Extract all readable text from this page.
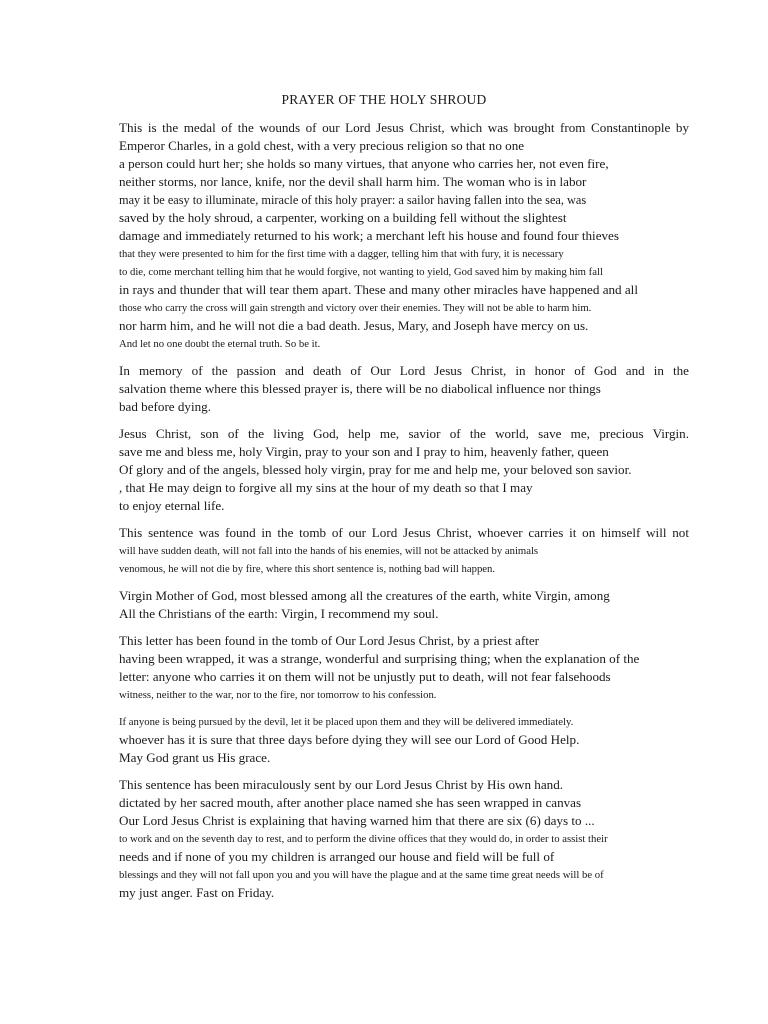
PRAYER OF THE HOLY SHROUD
This is the medal of the wounds of our Lord Jesus Christ, which was brought from Constantinople by
Emperor Charles, in a gold chest, with a very precious religion so that no one
a person could hurt her; she holds so many virtues, that anyone who carries her, not even fire,
neither storms, nor lance, knife, nor the devil shall harm him. The woman who is in labor
may it be easy to illuminate, miracle of this holy prayer: a sailor having fallen into the sea, was
saved by the holy shroud, a carpenter, working on a building fell without the slightest
damage and immediately returned to his work; a merchant left his house and found four thieves
that they were presented to him for the first time with a dagger, telling him that with fury, it is necessary
to die, come merchant telling him that he would forgive, not wanting to yield, God saved him by making him fall
in rays and thunder that will tear them apart. These and many other miracles have happened and all
those who carry the cross will gain strength and victory over their enemies. They will not be able to harm him.
nor harm him, and he will not die a bad death. Jesus, Mary, and Joseph have mercy on us.
And let no one doubt the eternal truth. So be it.
In memory of the passion and death of Our Lord Jesus Christ, in honor of God and in the
salvation theme where this blessed prayer is, there will be no diabolical influence nor things
bad before dying.
Jesus Christ, son of the living God, help me, savior of the world, save me, precious Virgin.
save me and bless me, holy Virgin, pray to your son and I pray to him, heavenly father, queen
Of glory and of the angels, blessed holy virgin, pray for me and help me, your beloved son savior.
, that He may deign to forgive all my sins at the hour of my death so that I may
to enjoy eternal life.
This sentence was found in the tomb of our Lord Jesus Christ, whoever carries it on himself will not
will have sudden death, will not fall into the hands of his enemies, will not be attacked by animals
venomous, he will not die by fire, where this short sentence is, nothing bad will happen.
Virgin Mother of God, most blessed among all the creatures of the earth, white Virgin, among
All the Christians of the earth: Virgin, I recommend my soul.
This letter has been found in the tomb of Our Lord Jesus Christ, by a priest after
having been wrapped, it was a strange, wonderful and surprising thing; when the explanation of the
letter: anyone who carries it on them will not be unjustly put to death, will not fear falsehoods
witness, neither to the war, nor to the fire, nor tomorrow to his confession.
If anyone is being pursued by the devil, let it be placed upon them and they will be delivered immediately.
whoever has it is sure that three days before dying they will see our Lord of Good Help.
May God grant us His grace.
This sentence has been miraculously sent by our Lord Jesus Christ by His own hand.
dictated by her sacred mouth, after another place named she has seen wrapped in canvas
Our Lord Jesus Christ is explaining that having warned him that there are six (6) days to ...
to work and on the seventh day to rest, and to perform the divine offices that they would do, in order to assist their
needs and if none of you my children is arranged our house and field will be full of
blessings and they will not fall upon you and you will have the plague and at the same time great needs will be of
my just anger. Fast on Friday.
